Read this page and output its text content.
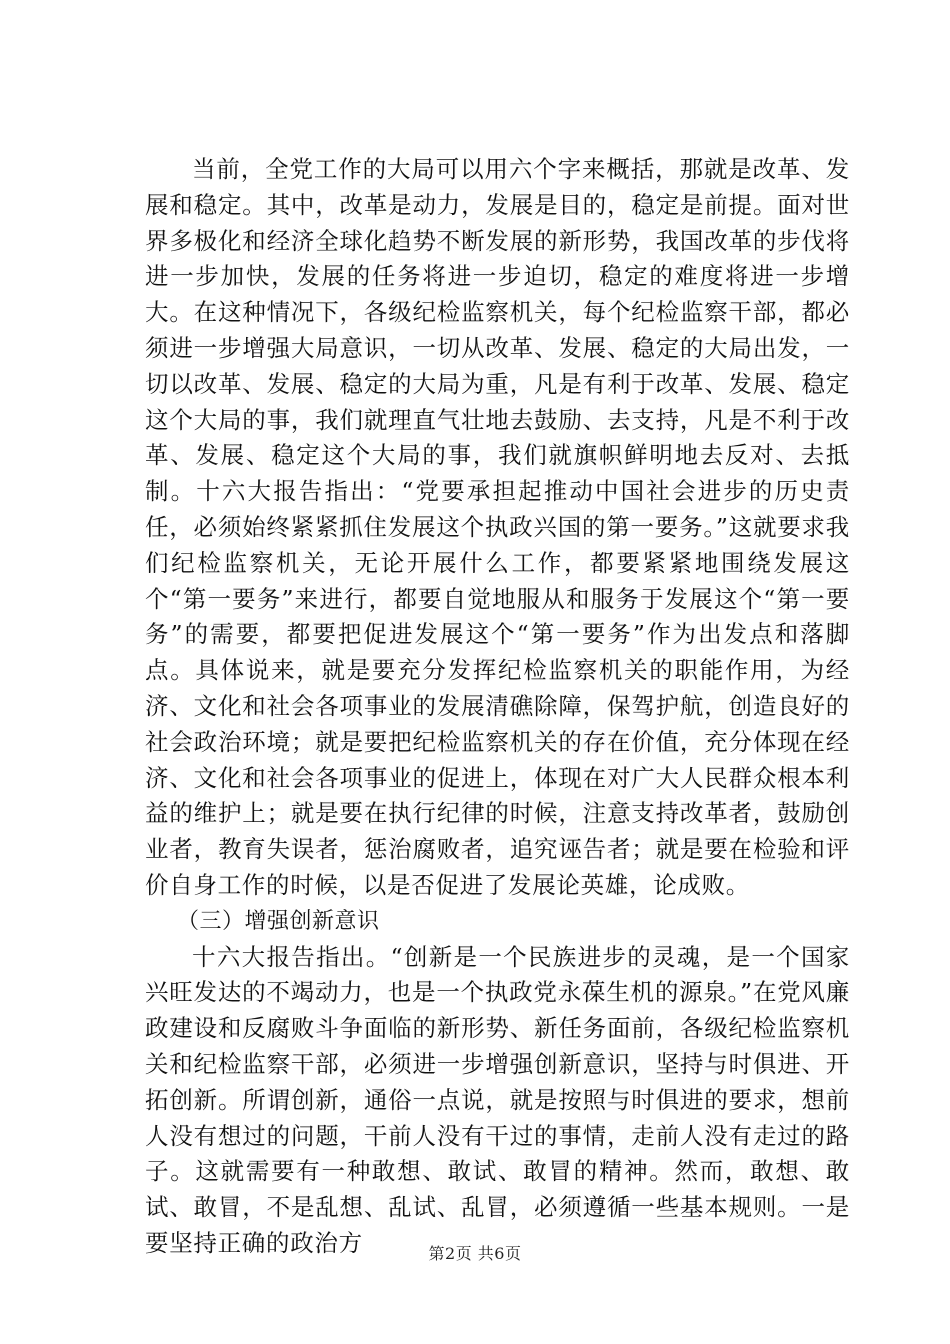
当前，全党工作的大局可以用六个字来概括，那就是改革、发展和稳定。其中，改革是动力，发展是目的，稳定是前提。面对世界多极化和经济全球化趋势不断发展的新形势，我国改革的步伐将进一步加快，发展的任务将进一步迫切，稳定的难度将进一步增大。在这种情况下，各级纪检监察机关，每个纪检监察干部，都必须进一步增强大局意识，一切从改革、发展、稳定的大局出发，一切以改革、发展、稳定的大局为重，凡是有利于改革、发展、稳定这个大局的事，我们就理直气壮地去鼓励、去支持，凡是不利于改革、发展、稳定这个大局的事，我们就旗帜鲜明地去反对、去抵制。十六大报告指出：“党要承担起推动中国社会进步的历史责任，必须始终紧紧抓住发展这个执政兴国的第一要务。”这就要求我们纪检监察机关，无论开展什么工作，都要紧紧地围绕发展这个“第一要务”来进行，都要自觉地服从和服务于发展这个“第一要务”的需要，都要把促进发展这个“第一要务”作为出发点和落脚点。具体说来，就是要充分发挥纪检监察机关的职能作用，为经济、文化和社会各项事业的发展清礁除障，保驾护航，创造良好的社会政治环境；就是要把纪检监察机关的存在价值，充分体现在经济、文化和社会各项事业的促进上，体现在对广大人民群众根本利益的维护上；就是要在执行纪律的时候，注意支持改革者，鼓励创业者，教育失误者，惩治腐败者，追究诬告者；就是要在检验和评价自身工作的时候，以是否促进了发展论英雄，论成败。

（三）增强创新意识

十六大报告指出。“创新是一个民族进步的灵魂，是一个国家兴旺发达的不竭动力，也是一个执政党永葆生机的源泉。”在党风廉政建设和反腐败斗争面临的新形势、新任务面前，各级纪检监察机关和纪检监察干部，必须进一步增强创新意识，坚持与时俱进、开拓创新。所谓创新，通俗一点说，就是按照与时俱进的要求，想前人没有想过的问题，干前人没有干过的事情，走前人没有走过的路子。这就需要有一种敢想、敢试、敢冒的精神。然而，敢想、敢试、敢冒，不是乱想、乱试、乱冒，必须遵循一些基本规则。一是要坚持正确的政治方	第2页 共6页
